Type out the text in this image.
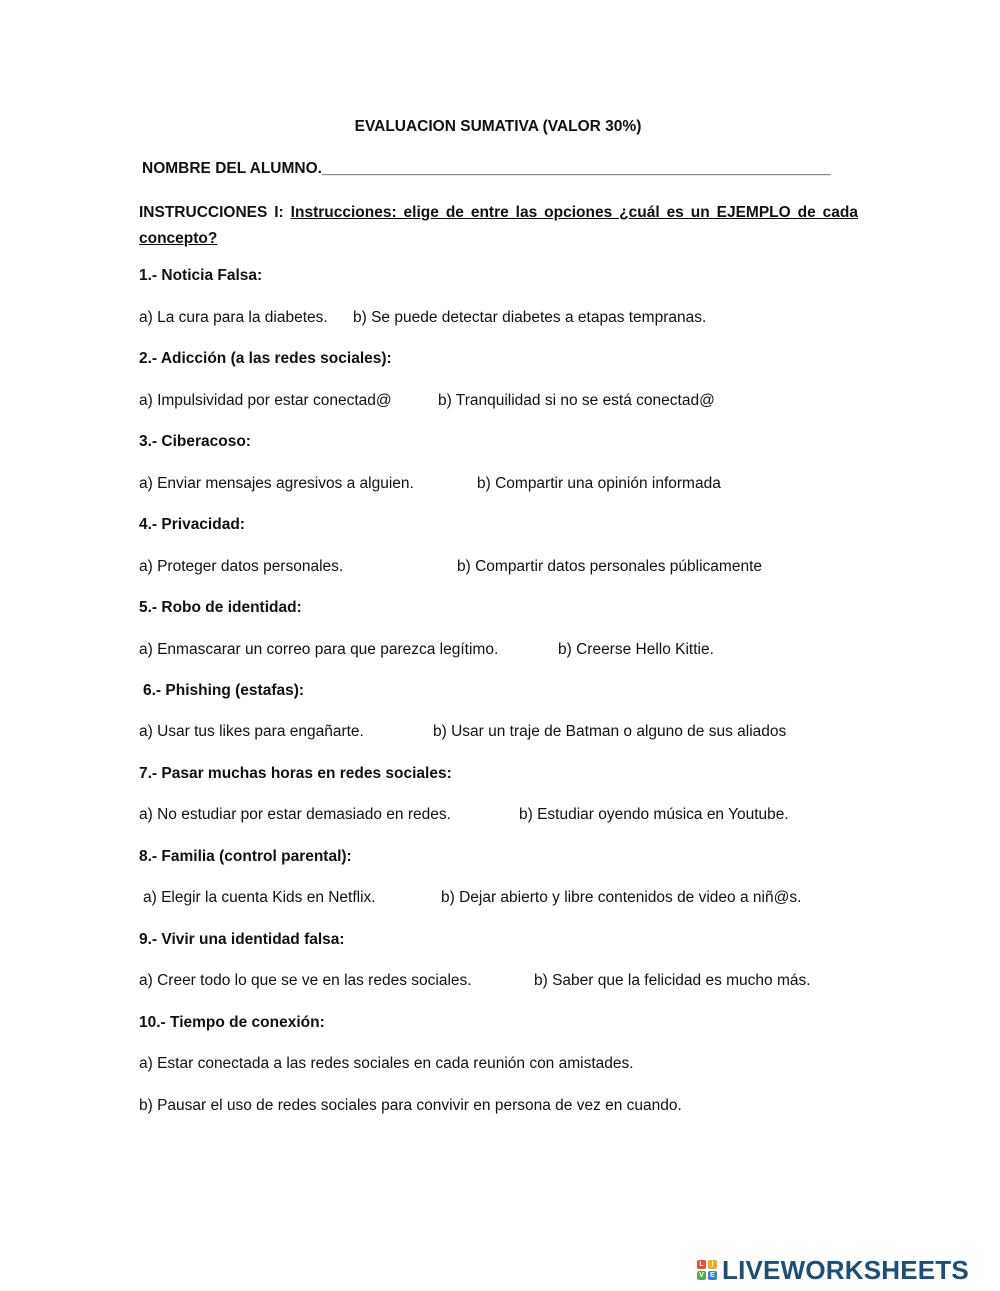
EVALUACION SUMATIVA (VALOR 30%)
NOMBRE DEL ALUMNO.___________________________________________________________
INSTRUCCIONES I: Instrucciones: elige de entre las opciones ¿cuál es un EJEMPLO de cada concepto?
1.- Noticia Falsa:
a) La cura para la diabetes. b) Se puede detectar diabetes a etapas tempranas.
2.- Adicción (a las redes sociales):
a) Impulsividad por estar conectad@	b) Tranquilidad si no se está conectad@
3.- Ciberacoso:
a) Enviar mensajes agresivos a alguien.	b) Compartir una opinión informada
4.- Privacidad:
a) Proteger datos personales.	b) Compartir datos personales públicamente
5.- Robo de identidad:
a) Enmascarar un correo para que parezca legítimo.	b) Creerse Hello Kittie.
6.- Phishing (estafas):
a) Usar tus likes para engañarte.	b) Usar un traje de Batman o alguno de sus aliados
7.- Pasar muchas horas en redes sociales:
a) No estudiar por estar demasiado en redes.	b) Estudiar oyendo música en Youtube.
8.- Familia (control parental):
a) Elegir la cuenta Kids en Netflix.	b) Dejar abierto y libre contenidos de video a niñ@s.
9.- Vivir una identidad falsa:
a) Creer todo lo que se ve en las redes sociales.	b) Saber que la felicidad es mucho más.
10.- Tiempo de conexión:
a) Estar conectada a las redes sociales en cada reunión con amistades.
b) Pausar el uso de redes sociales para convivir en persona de vez en cuando.
L	I
V E LIVEWORKSHEETS
